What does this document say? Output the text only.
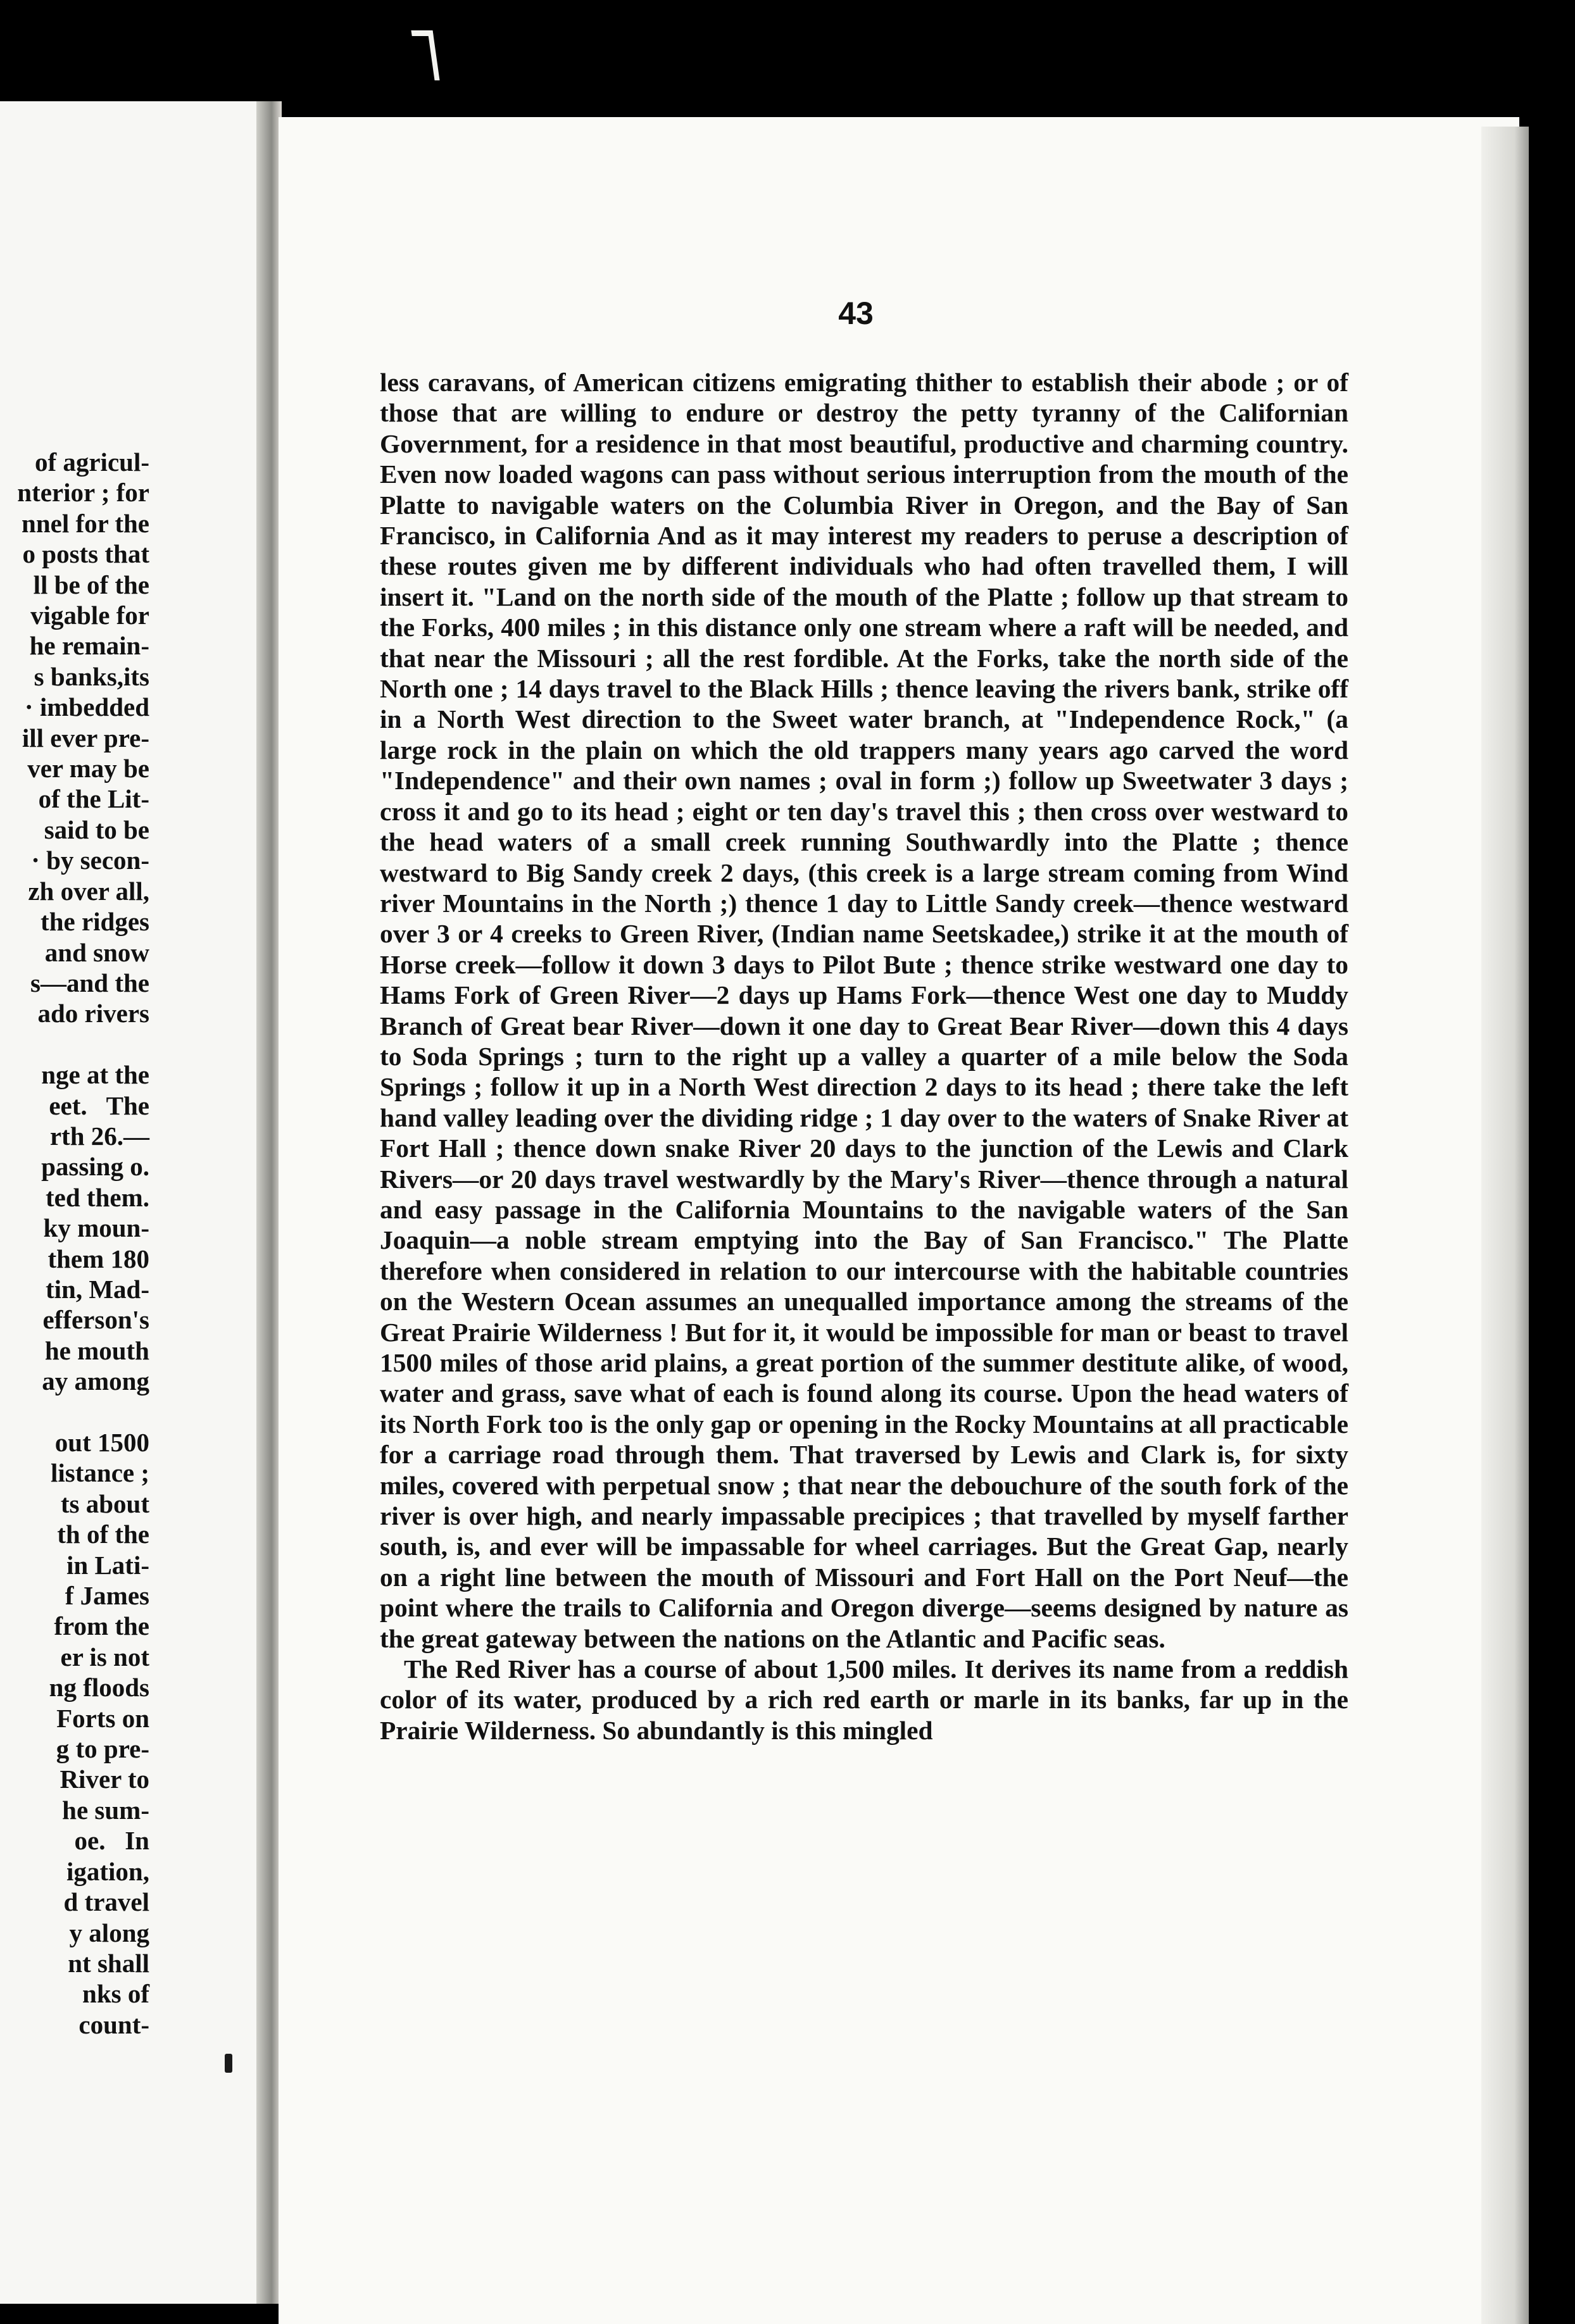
of agricul-
nterior ; for
nnel for the
o posts that
ll be of the
vigable for
he remain-
s banks,its
· imbedded
ill ever pre-
ver may be
of the Lit-
said to be
· by secon-
zh over all,
the ridges
and snow
s—and the
ado rivers

nge at the
eet.   The
rth 26.—
passing o.
ted them.
ky moun-
them 180
tin, Mad-
efferson's
he mouth
ay among

out 1500
listance ;
ts about
th of the
in Lati-
f James
from the
er is not
ng floods
Forts on
g to pre-
River to
he sum-
oe.   In
igation,
d travel
y along
nt shall
nks of
count-
43

less caravans, of American citizens emigrating thither to establish their abode ; or of those that are willing to endure or destroy the petty tyranny of the Californian Government, for a residence in that most beautiful, productive and charming country. Even now loaded wagons can pass without serious interruption from the mouth of the Platte to navigable waters on the Columbia River in Oregon, and the Bay of San Francisco, in California And as it may interest my readers to peruse a description of these routes given me by different individuals who had often travelled them, I will insert it. "Land on the north side of the mouth of the Platte ; follow up that stream to the Forks, 400 miles ; in this distance only one stream where a raft will be needed, and that near the Missouri ; all the rest fordible. At the Forks, take the north side of the North one ; 14 days travel to the Black Hills ; thence leaving the rivers bank, strike off in a North West direction to the Sweet water branch, at "Independence Rock," (a large rock in the plain on which the old trappers many years ago carved the word "Independence" and their own names ; oval in form ;) follow up Sweetwater 3 days ; cross it and go to its head ; eight or ten day's travel this ; then cross over westward to the head waters of a small creek running Southwardly into the Platte ; thence westward to Big Sandy creek 2 days, (this creek is a large stream coming from Wind river Mountains in the North ;) thence 1 day to Little Sandy creek—thence westward over 3 or 4 creeks to Green River, (Indian name Seetskadee,) strike it at the mouth of Horse creek—follow it down 3 days to Pilot Bute ; thence strike westward one day to Hams Fork of Green River—2 days up Hams Fork—thence West one day to Muddy Branch of Great bear River—down it one day to Great Bear River—down this 4 days to Soda Springs ; turn to the right up a valley a quarter of a mile below the Soda Springs ; follow it up in a North West direction 2 days to its head ; there take the left hand valley leading over the dividing ridge ; 1 day over to the waters of Snake River at Fort Hall ; thence down snake River 20 days to the junction of the Lewis and Clark Rivers—or 20 days travel westwardly by the Mary's River—thence through a natural and easy passage in the California Mountains to the navigable waters of the San Joaquin—a noble stream emptying into the Bay of San Francisco." The Platte therefore when considered in relation to our intercourse with the habitable countries on the Western Ocean assumes an unequalled importance among the streams of the Great Prairie Wilderness ! But for it, it would be impossible for man or beast to travel 1500 miles of those arid plains, a great portion of the summer destitute alike, of wood, water and grass, save what of each is found along its course. Upon the head waters of its North Fork too is the only gap or opening in the Rocky Mountains at all practicable for a carriage road through them. That traversed by Lewis and Clark is, for sixty miles, covered with perpetual snow ; that near the debouchure of the south fork of the river is over high, and nearly impassable precipices ; that travelled by myself farther south, is, and ever will be impassable for wheel carriages. But the Great Gap, nearly on a right line between the mouth of Missouri and Fort Hall on the Port Neuf—the point where the trails to California and Oregon diverge—seems designed by nature as the great gateway between the nations on the Atlantic and Pacific seas.

The Red River has a course of about 1,500 miles. It derives its name from a reddish color of its water, produced by a rich red earth or marle in its banks, far up in the Prairie Wilderness. So abundantly is this mingled
